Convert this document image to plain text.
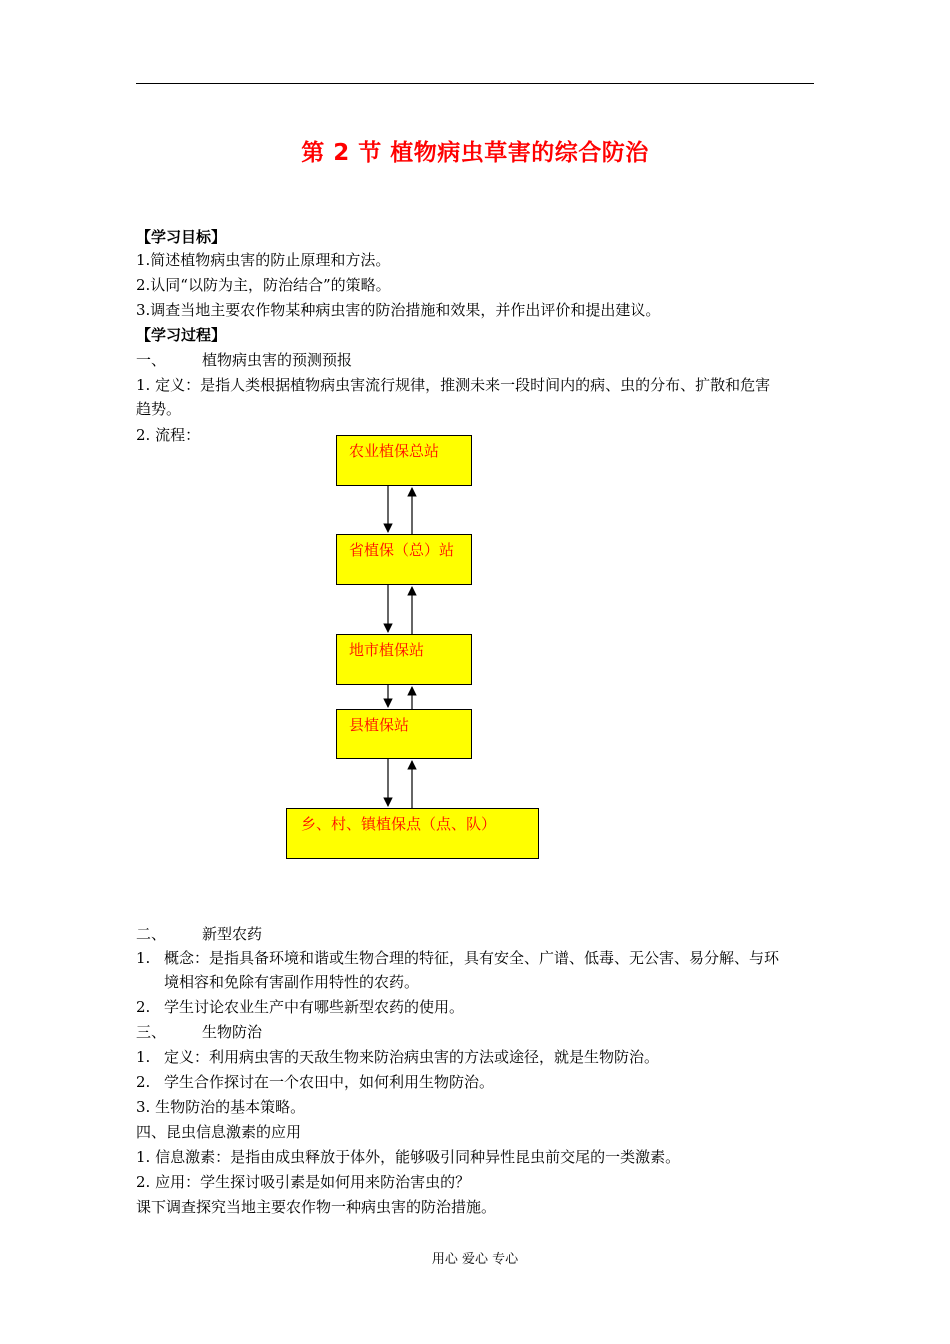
第 2 节 植物病虫草害的综合防治
【学习目标】
1.简述植物病虫害的防止原理和方法。
2.认同“以防为主，防治结合”的策略。
3.调查当地主要农作物某种病虫害的防治措施和效果，并作出评价和提出建议。
【学习过程】
一、 植物病虫害的预测预报
1. 定义：是指人类根据植物病虫害流行规律，推测未来一段时间内的病、虫的分布、扩散和危害
趋势。
2. 流程：
农业植保总站
省植保（总）站
地市植保站
县植保站
乡、村、镇植保点（点、队）
二、 新型农药
1. 概念：是指具备环境和谐或生物合理的特征，具有安全、广谱、低毒、无公害、易分解、与环
境相容和免除有害副作用特性的农药。
2. 学生讨论农业生产中有哪些新型农药的使用。
三、 生物防治
1. 定义：利用病虫害的天敌生物来防治病虫害的方法或途径，就是生物防治。
2. 学生合作探讨在一个农田中，如何利用生物防治。
3. 生物防治的基本策略。
四、昆虫信息激素的应用
1. 信息激素：是指由成虫释放于体外，能够吸引同种异性昆虫前交尾的一类激素。
2. 应用：学生探讨吸引素是如何用来防治害虫的？
课下调查探究当地主要农作物一种病虫害的防治措施。
用心 爱心 专心
